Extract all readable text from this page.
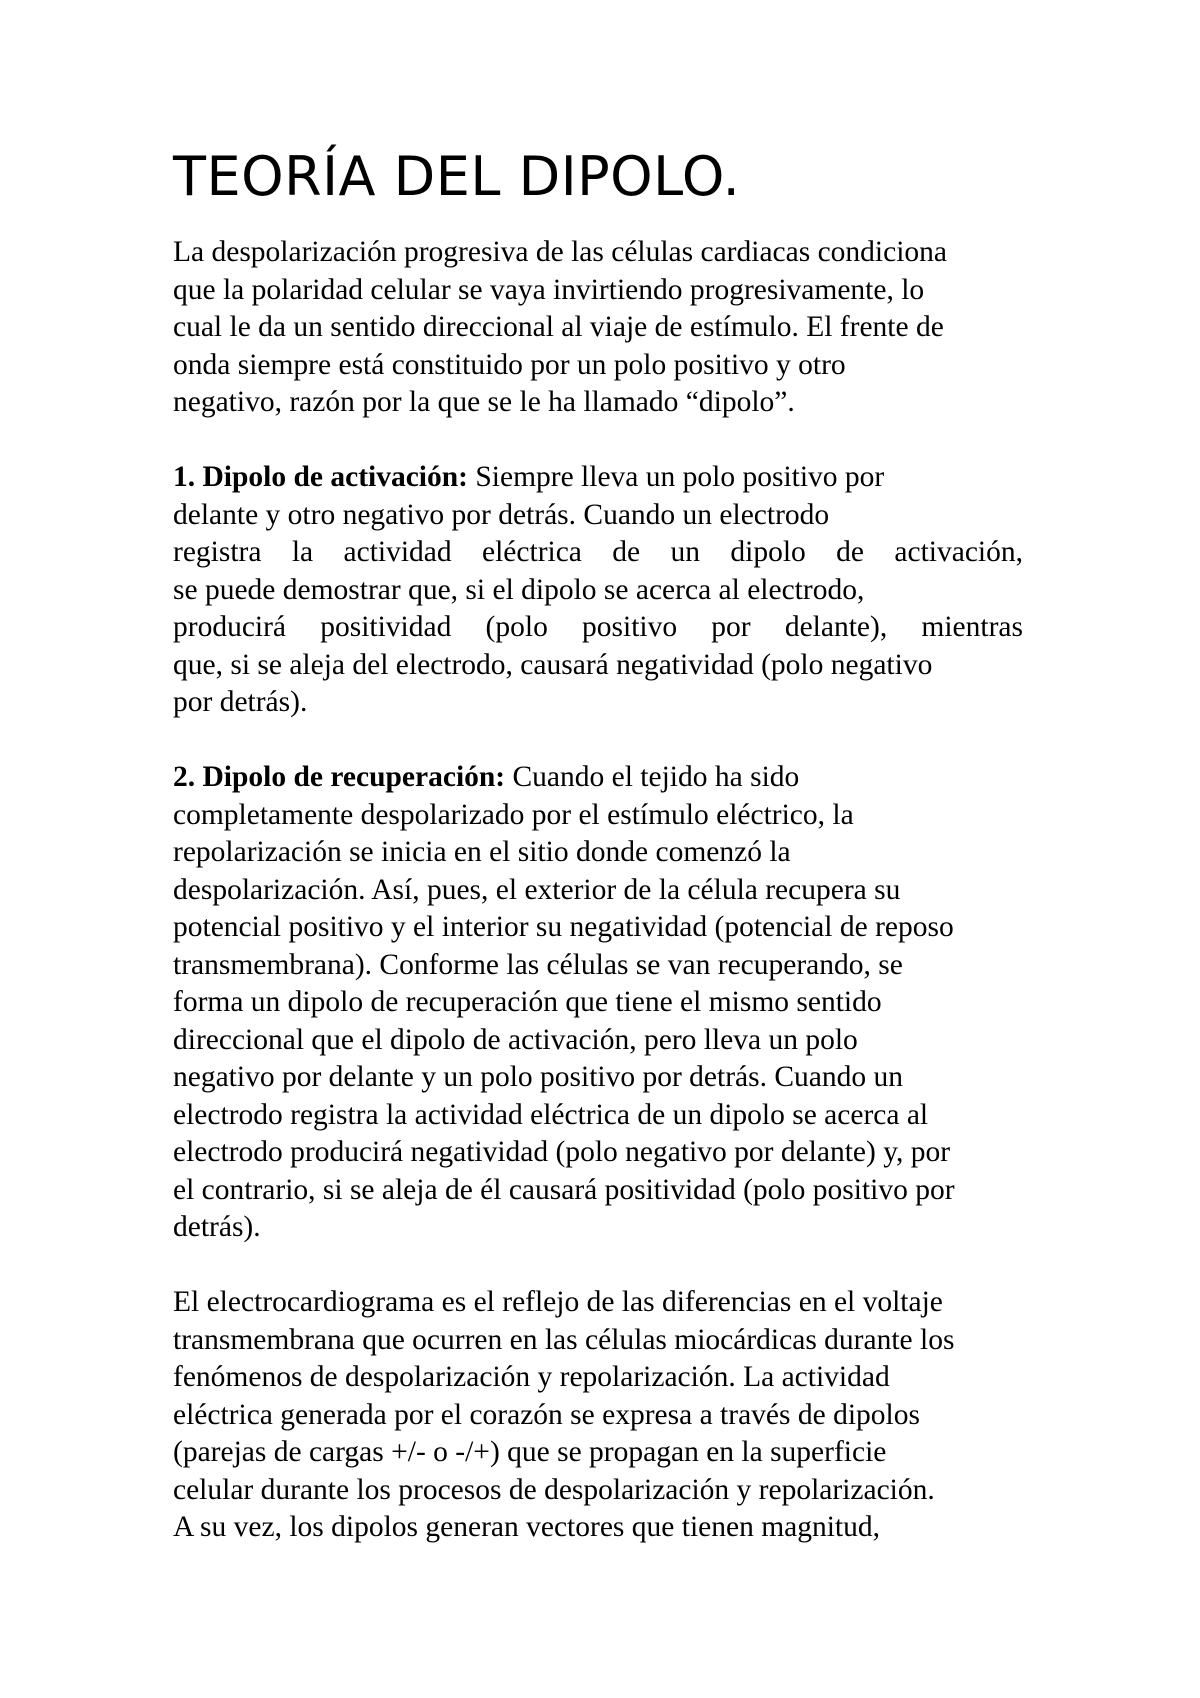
TEORÍA DEL DIPOLO.
La despolarización progresiva de las células cardiacas condiciona
que la polaridad celular se vaya invirtiendo progresivamente, lo
cual le da un sentido direccional al viaje de estímulo. El frente de
onda siempre está constituido por un polo positivo y otro
negativo, razón por la que se le ha llamado “dipolo”.
1. Dipolo de activación: Siempre lleva un polo positivo por
delante y otro negativo por detrás. Cuando un electrodo
registra la actividad eléctrica de un dipolo de activación,
se puede demostrar que, si el dipolo se acerca al electrodo,
producirá positividad (polo positivo por delante), mientras
que, si se aleja del electrodo, causará negatividad (polo negativo
por detrás).
2. Dipolo de recuperación: Cuando el tejido ha sido
completamente despolarizado por el estímulo eléctrico, la
repolarización se inicia en el sitio donde comenzó la
despolarización. Así, pues, el exterior de la célula recupera su
potencial positivo y el interior su negatividad (potencial de reposo
transmembrana). Conforme las células se van recuperando, se
forma un dipolo de recuperación que tiene el mismo sentido
direccional que el dipolo de activación, pero lleva un polo
negativo por delante y un polo positivo por detrás. Cuando un
electrodo registra la actividad eléctrica de un dipolo se acerca al
electrodo producirá negatividad (polo negativo por delante) y, por
el contrario, si se aleja de él causará positividad (polo positivo por
detrás).
El electrocardiograma es el reflejo de las diferencias en el voltaje
transmembrana que ocurren en las células miocárdicas durante los
fenómenos de despolarización y repolarización. La actividad
eléctrica generada por el corazón se expresa a través de dipolos
(parejas de cargas +/- o -/+) que se propagan en la superficie
celular durante los procesos de despolarización y repolarización.
A su vez, los dipolos generan vectores que tienen magnitud,
